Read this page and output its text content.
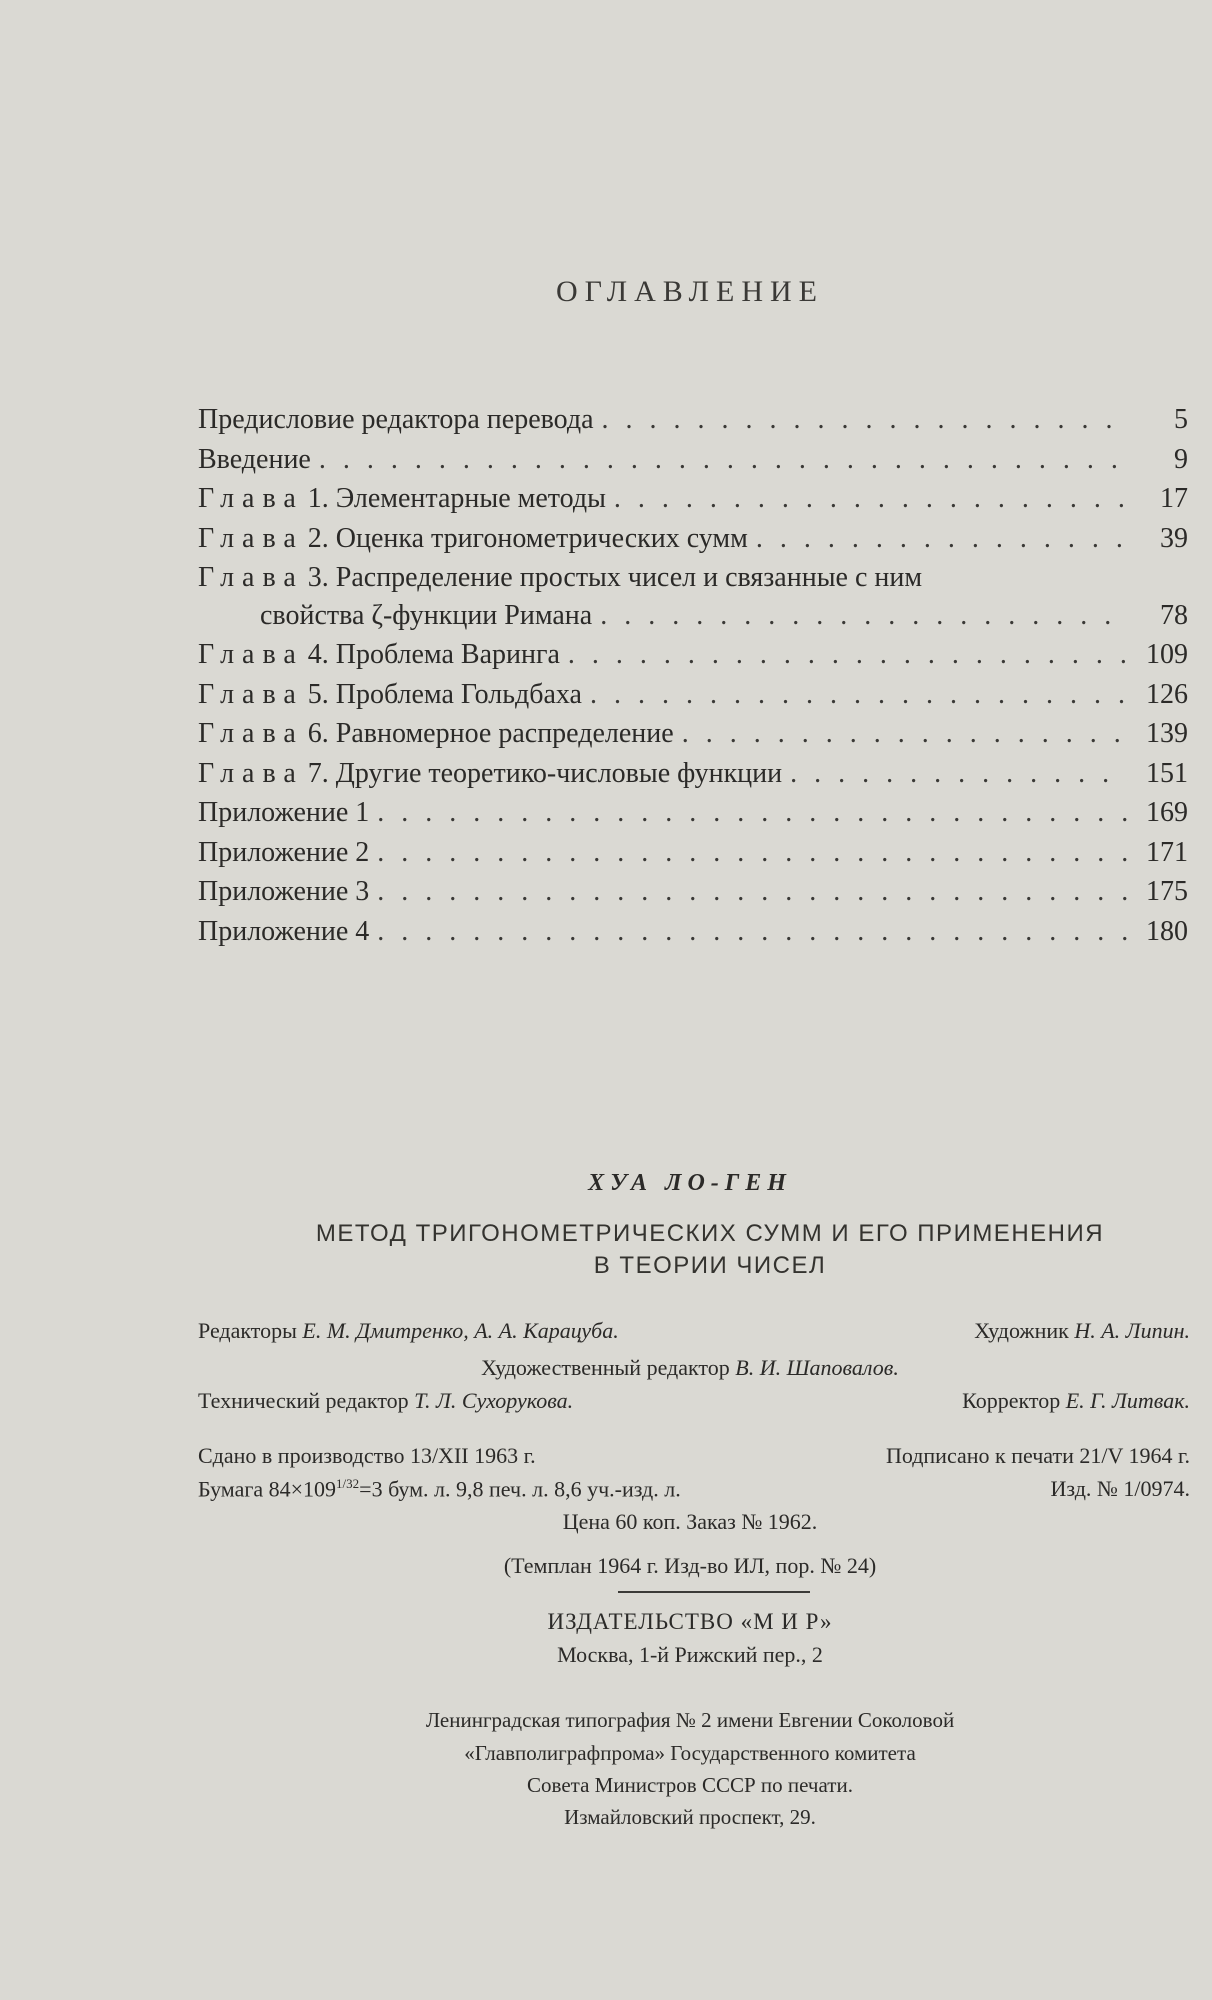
ОГЛАВЛЕНИЕ
Предисловие редактора перевода . . .	5
Введение . . .	9
Глава 1. Элементарные методы . . .	17
Глава 2. Оценка тригонометрических сумм . . .	39
Глава 3. Распределение простых чисел и связанные с ним
свойства ζ-функции Римана . . .	78
Глава 4. Проблема Варинга . . .	109
Глава 5. Проблема Гольдбаха . . .	126
Глава 6. Равномерное распределение . . .	139
Глава 7. Другие теоретико-числовые функции . . .	151
Приложение 1 . . .	169
Приложение 2 . . .	171
Приложение 3 . . .	175
Приложение 4 . . .	180
ХУА ЛО-ГЕН
МЕТОД ТРИГОНОМЕТРИЧЕСКИХ СУММ И ЕГО ПРИМЕНЕНИЯ
В ТЕОРИИ ЧИСЕЛ
Редакторы Е. М. Дмитренко, А. А. Карацуба.	Художник Н. А. Липин.
Художественный редактор В. И. Шаповалов.
Технический редактор Т. Л. Сухорукова.	Корректор Е. Г. Литвак.
Сдано в производство 13/XII 1963 г.	Подписано к печати 21/V 1964 г.
Бумага $84\times 109^{1/32}=3$ бум. л. 9,8 печ. л. 8,6 уч.-изд. л.	Изд. № 1/0974.
Цена 60 коп. Заказ № 1962.
(Темплан 1964 г. Изд-во ИЛ, пор. № 24)
ИЗДАТЕЛЬСТВО «М И Р»
Москва, 1-й Рижский пер., 2
Ленинградская типография № 2 имени Евгении Соколовой
«Главполиграфпрома» Государственного комитета
Совета Министров СССР по печати.
Измайловский проспект, 29.
